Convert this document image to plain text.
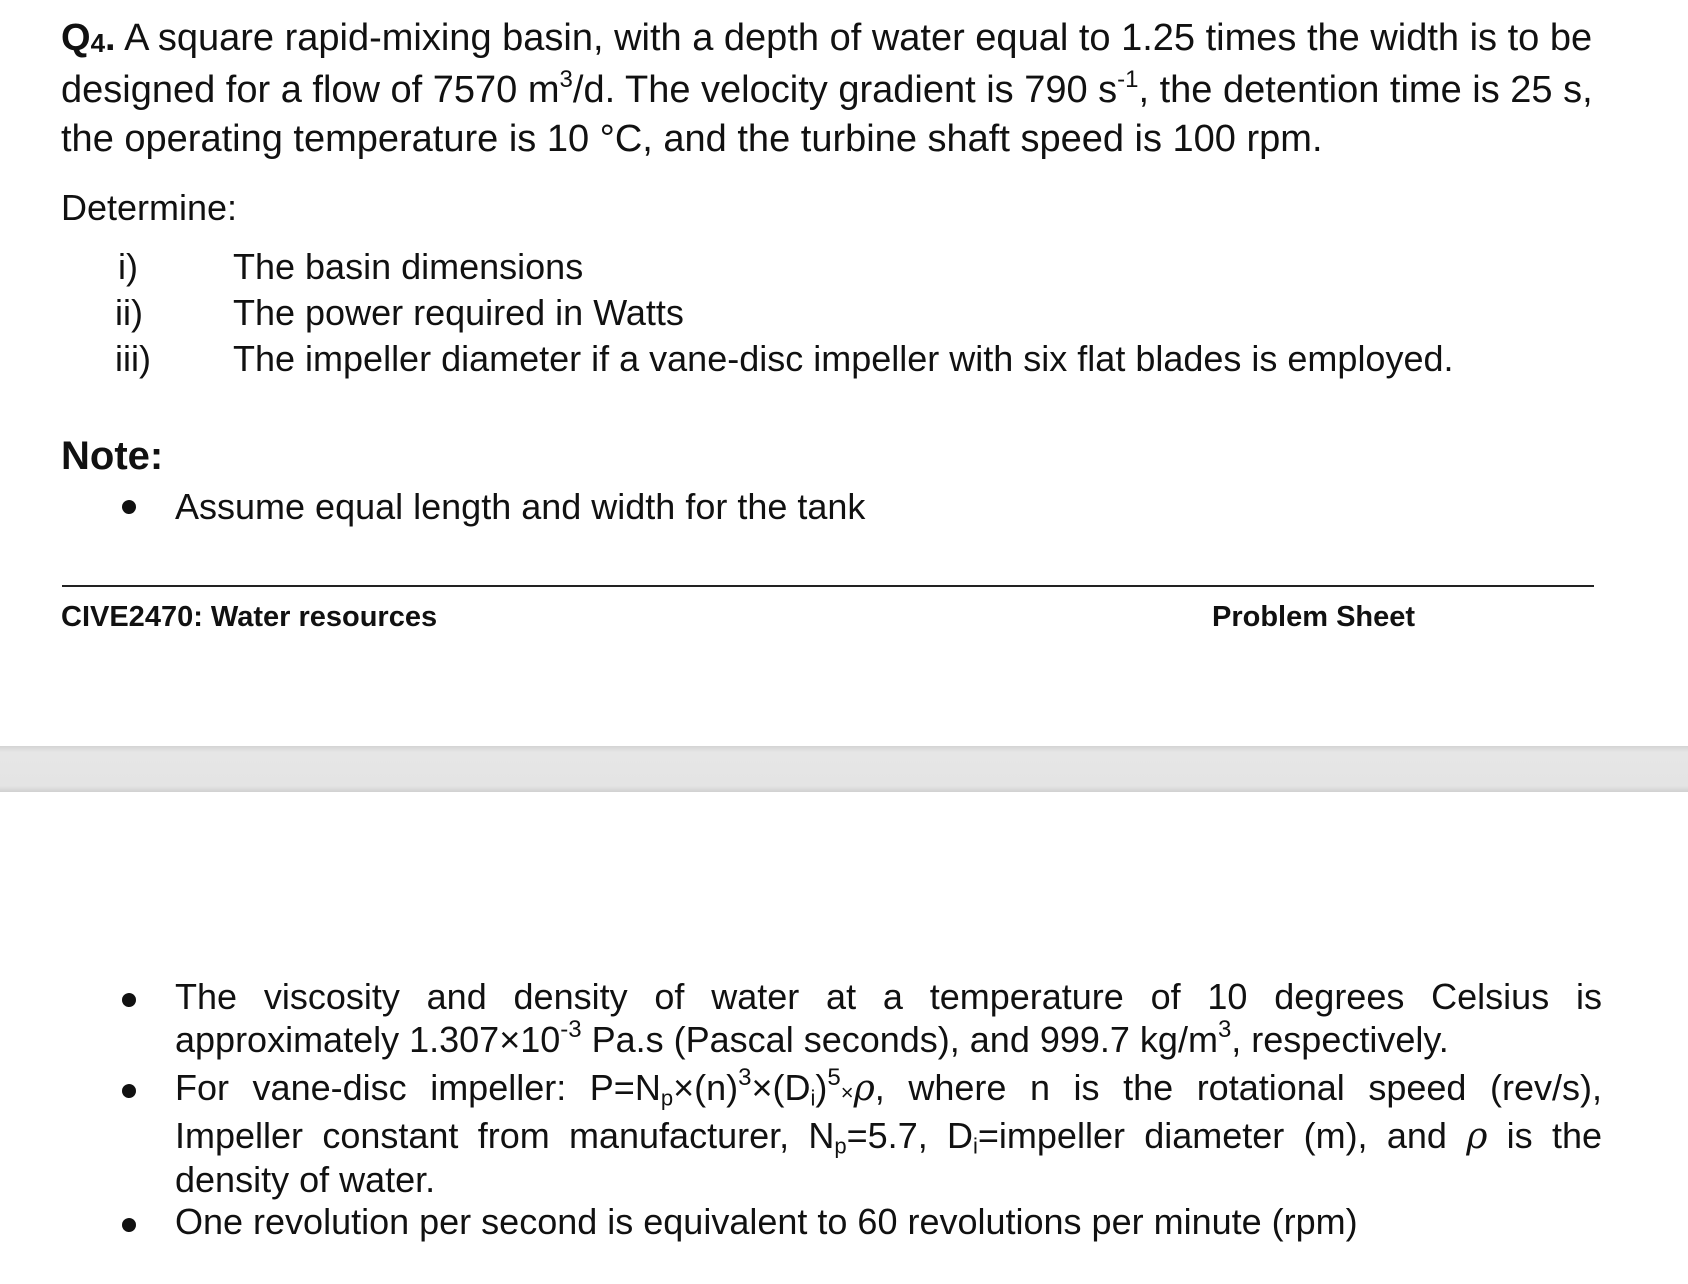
$Q_4$. A square rapid-mixing basin, with a depth of water equal to 1.25 times the width is to be designed for a flow of 7570 $m^3/d$. The velocity gradient is 790 $s^{-1}$, the detention time is 25 s, the operating temperature is 10 °C, and the turbine shaft speed is 100 rpm.

Determine:
i)	The basin dimensions
ii)	The power required in Watts
iii)	The impeller diameter if a vane-disc impeller with six flat blades is employed.
Note:
Assume equal length and width for the tank
CIVE2470: Water resources	Problem Sheet
The viscosity and density of water at a temperature of 10 degrees Celsius is approximately $1.307\times 10^{-3}$ Pa.s (Pascal seconds), and 999.7 $kg/m^3$, respectively.
For vane-disc impeller: $P=N_p\times(n)^3\times(D_i)^5\times\rho$, where n is the rotational speed (rev/s), Impeller constant from manufacturer, $N_p=5.7$, $D_i=impeller$ diameter (m), and ρ is the density of water.
One revolution per second is equivalent to 60 revolutions per minute (rpm)
